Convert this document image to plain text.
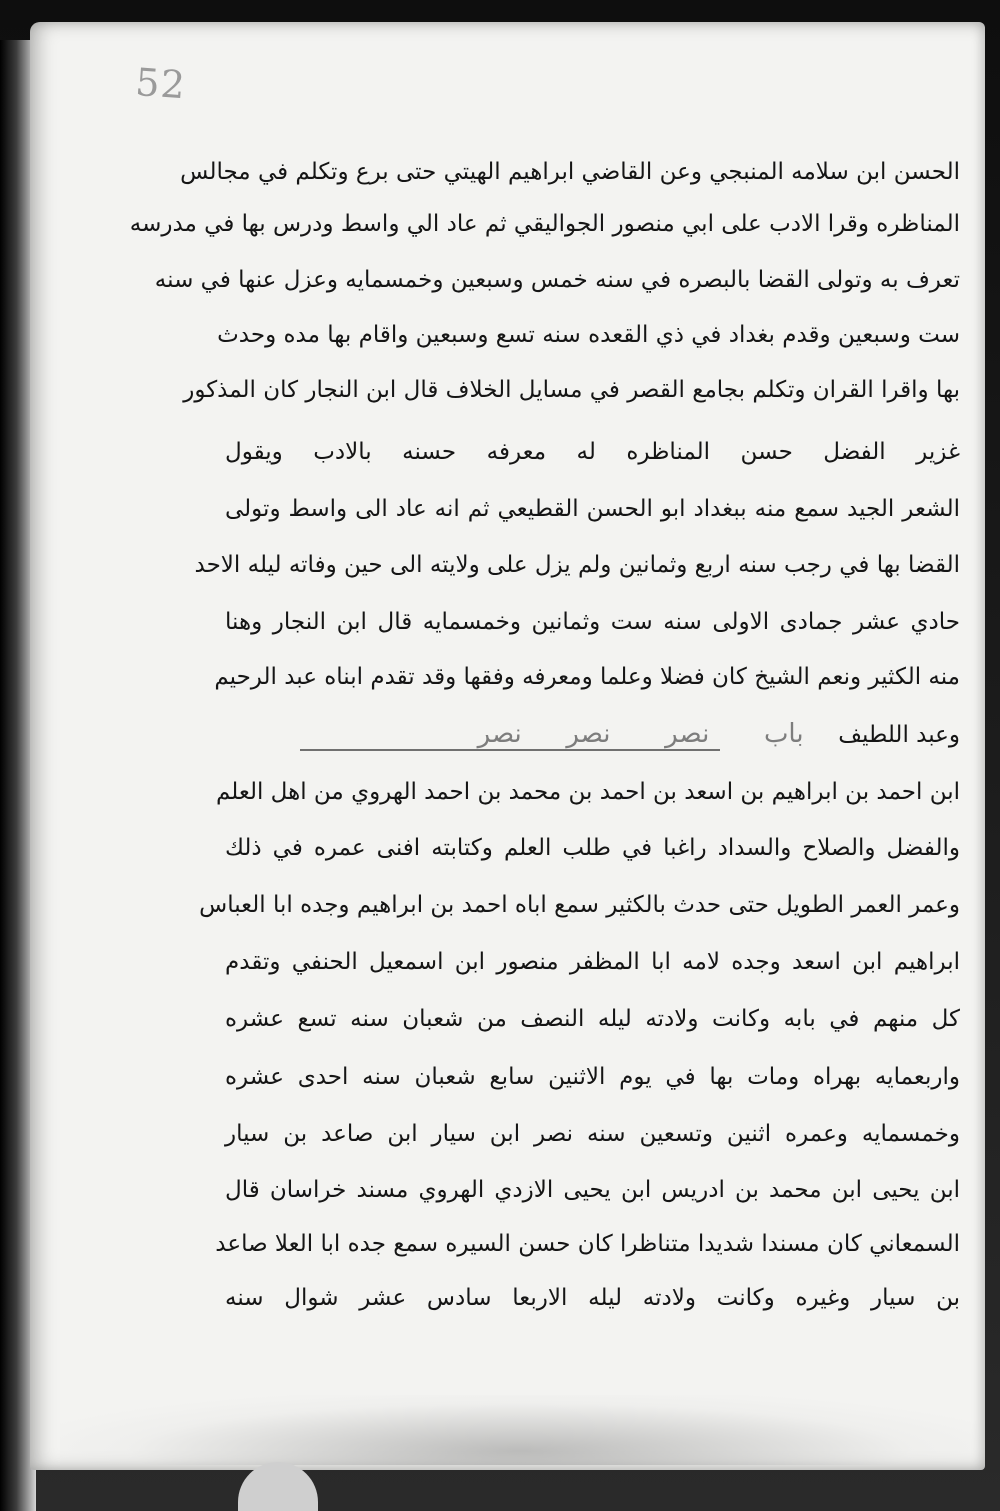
52
الحسن ابن سلامه المنبجي وعن القاضي ابراهيم الهيتي حتى برع وتكلم في مجالس
المناظره وقرا الادب على ابي منصور الجواليقي ثم عاد الي واسط ودرس بها في مدرسه
تعرف به وتولى القضا بالبصره في سنه خمس وسبعين وخمسمايه وعزل عنها في سنه
ست وسبعين وقدم بغداد في ذي القعده سنه تسع وسبعين واقام بها مده وحدث
بها واقرا القران وتكلم بجامع القصر في مسايل الخلاف قال ابن النجار كان المذكور
غزير الفضل حسن المناظره له معرفه حسنه بالادب ويقول
الشعر الجيد سمع منه ببغداد ابو الحسن القطيعي ثم انه عاد الى واسط وتولى
القضا بها في رجب سنه اربع وثمانين ولم يزل على ولايته الى حين وفاته ليله الاحد
حادي عشر جمادى الاولى سنه ست وثمانين وخمسمايه قال ابن النجار وهنا
منه الكثير ونعم الشيخ كان فضلا وعلما ومعرفه وفقها وقد تقدم ابناه عبد الرحيم
وعبد اللطيف  باب  نصر  نصر  نصر
ابن احمد بن ابراهيم بن اسعد بن احمد بن محمد بن احمد الهروي من اهل العلم
والفضل والصلاح والسداد راغبا في طلب العلم وكتابته افنى عمره في ذلك
وعمر العمر الطويل حتى حدث بالكثير سمع اباه احمد بن ابراهيم وجده ابا العباس
ابراهيم ابن اسعد وجده لامه ابا المظفر منصور ابن اسمعيل الحنفي وتقدم
كل منهم في بابه وكانت ولادته ليله النصف من شعبان سنه تسع عشره
واربعمايه بهراه ومات بها في يوم الاثنين سابع شعبان سنه احدى عشره
وخمسمايه وعمره اثنين وتسعين سنه نصر ابن سيار ابن صاعد بن سيار
ابن يحيى ابن محمد بن ادريس ابن يحيى الازدي الهروي مسند خراسان قال
السمعاني كان مسندا شديدا متناظرا كان حسن السيره سمع جده ابا العلا صاعد
بن سيار وغيره وكانت ولادته ليله الاربعا سادس عشر شوال سنه
